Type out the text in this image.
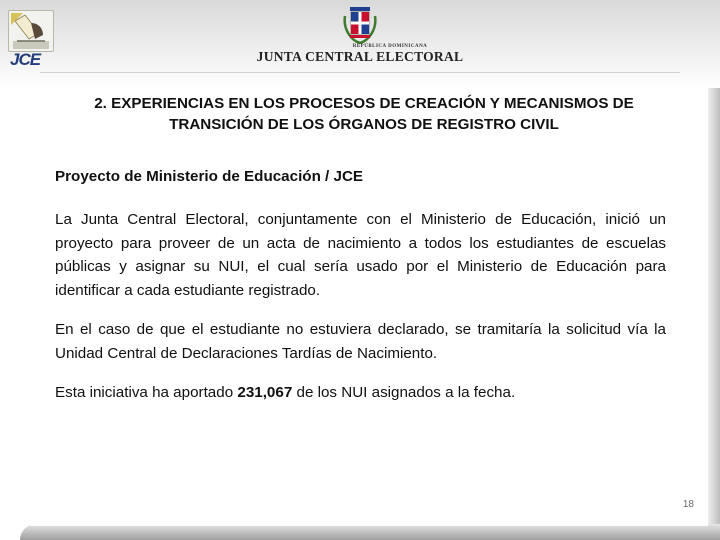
JCE
REPÚBLICA DOMINICANA
JUNTA CENTRAL ELECTORAL
2. EXPERIENCIAS EN LOS PROCESOS DE CREACIÓN Y MECANISMOS DE
TRANSICIÓN DE LOS ÓRGANOS DE REGISTRO CIVIL
Proyecto de Ministerio de Educación / JCE
La Junta Central Electoral, conjuntamente con el Ministerio de Educación, inició un proyecto para proveer de un acta de nacimiento a todos los estudiantes de escuelas públicas y asignar su NUI, el cual sería usado por el Ministerio de Educación para identificar a cada estudiante registrado.
En el caso de que el estudiante no estuviera declarado, se tramitaría la solicitud vía la Unidad Central de Declaraciones Tardías de Nacimiento.
Esta iniciativa ha aportado 231,067 de los NUI asignados a la fecha.
18
